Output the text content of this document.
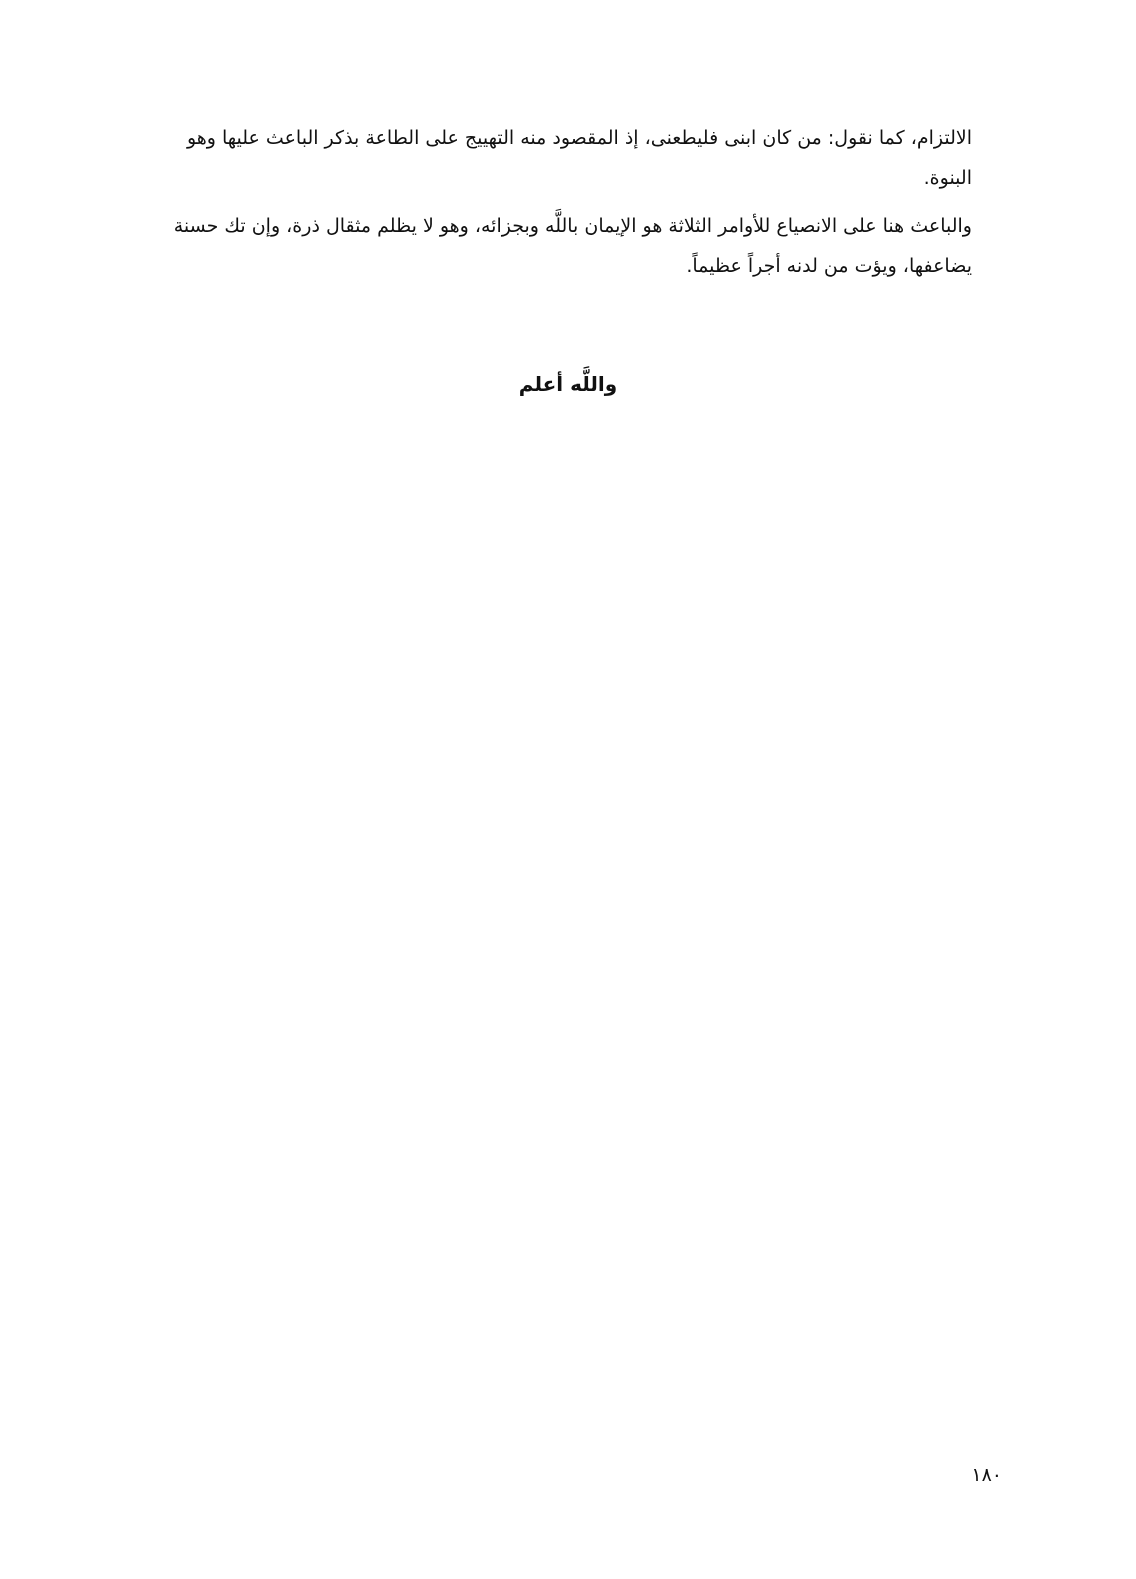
الالتزام، كما نقول: من كان ابنى فليطعنى، إذ المقصود منه التهييج على الطاعة بذكر الباعث عليها وهو البنوة.

والباعث هنا على الانصياع للأوامر الثلاثة هو الإيمان باللَّه وبجزائه، وهو لا يظلم مثقال ذرة، وإن تك حسنة يضاعفها، ويؤت من لدنه أجراً عظيماً.

واللَّه أعلم
١٨٠
